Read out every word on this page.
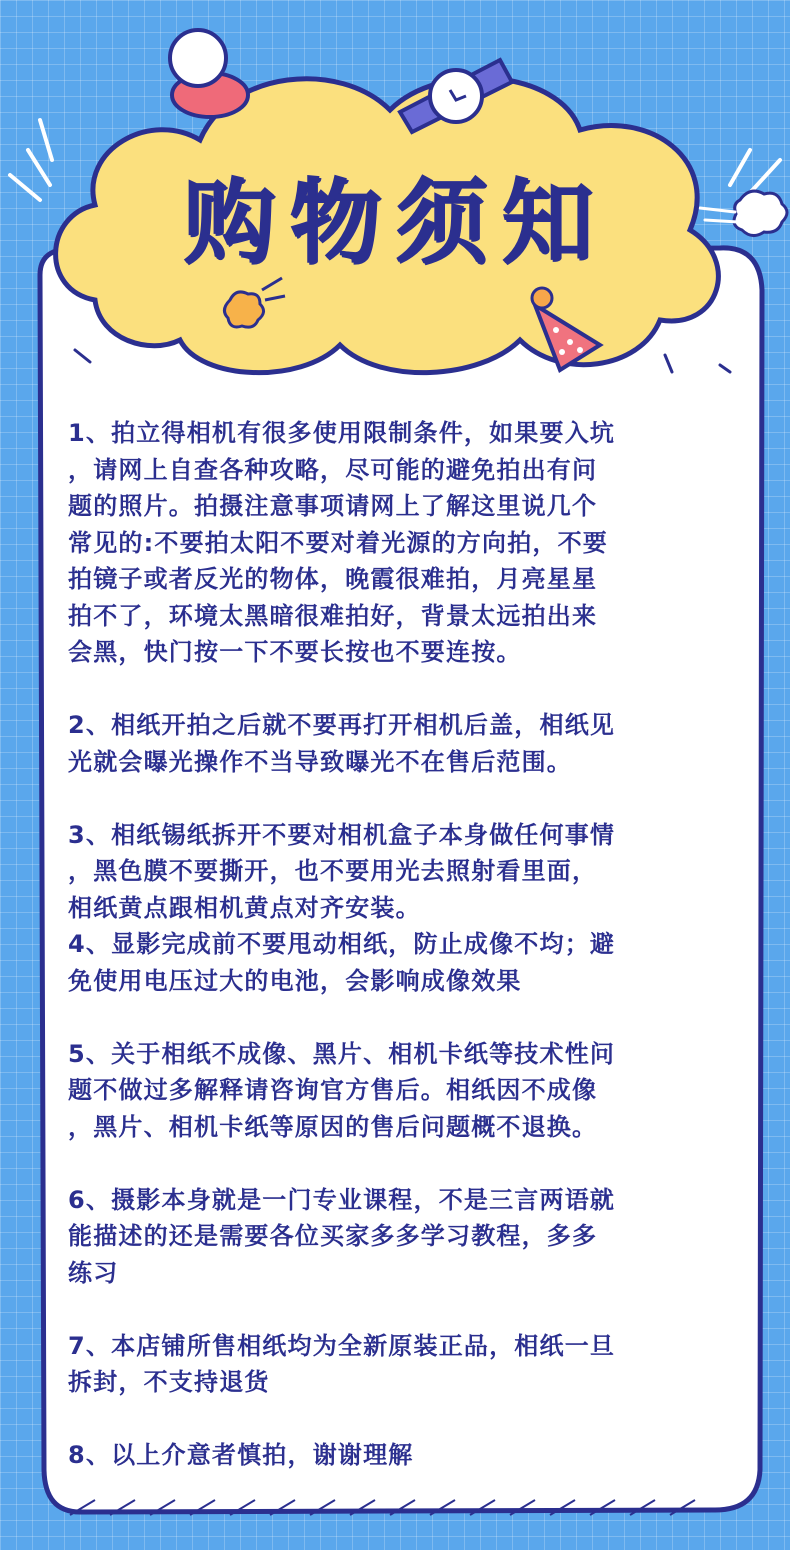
购物须知

1、拍立得相机有很多使用限制条件，如果要入坑
，请网上自查各种攻略，尽可能的避免拍出有问
题的照片。拍摄注意事项请网上了解这里说几个
常见的:不要拍太阳不要对着光源的方向拍，不要
拍镜子或者反光的物体，晚霞很难拍，月亮星星
拍不了，环境太黑暗很难拍好，背景太远拍出来
会黑，快门按一下不要长按也不要连按。

2、相纸开拍之后就不要再打开相机后盖，相纸见
光就会曝光操作不当导致曝光不在售后范围。

3、相纸锡纸拆开不要对相机盒子本身做任何事情
，黑色膜不要撕开，也不要用光去照射看里面，
相纸黄点跟相机黄点对齐安装。

4、显影完成前不要甩动相纸，防止成像不均；避
免使用电压过大的电池，会影响成像效果

5、关于相纸不成像、黑片、相机卡纸等技术性问
题不做过多解释请咨询官方售后。相纸因不成像
，黑片、相机卡纸等原因的售后问题概不退换。

6、摄影本身就是一门专业课程，不是三言两语就
能描述的还是需要各位买家多多学习教程，多多
练习

7、本店铺所售相纸均为全新原装正品，相纸一旦
拆封，不支持退货

8、以上介意者慎拍，谢谢理解
